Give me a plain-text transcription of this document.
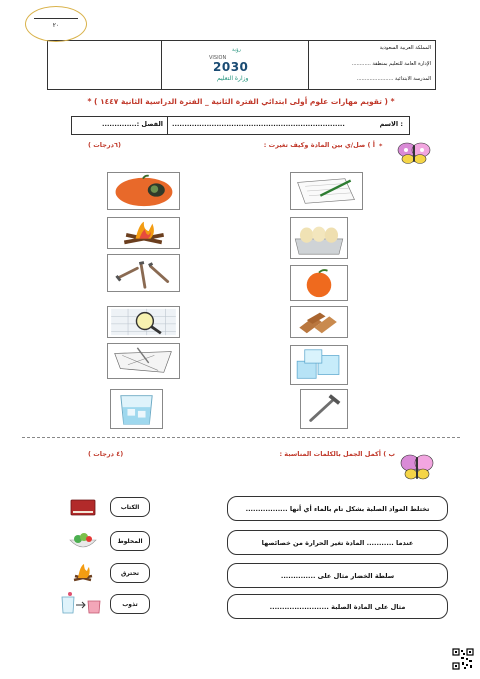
المملكة العربية السعودية
الإدارة العامة للتعليم بمنطقة ............
المدرسة الابتدائية .......................
٢٠
رؤية
VISION
2030
وزارة التعليم
* ( تقويم مهارات علوم أولى ابتدائي الفترة الثانية _ الفترة الدراسية الثانية ١٤٤٧ ) *
الاسم :
......................................................................
الفصل :..............
*
أ ) صل/ي بين المادة وكيف تغيرت :
(٦درجات )
ب ) أكمل الجمل بالكلمات المناسبة :
(٤ درجات )
تختلط المواد الصلبة بشكل تام بالماء أي أنها .................
عندما ........... المادة تغير الحرارة من خصائصها
سلطة الخضار مثال على ..............
مثال على المادة الصلبة ........................
الكتاب
المخلوط
تحترق
تذوب
